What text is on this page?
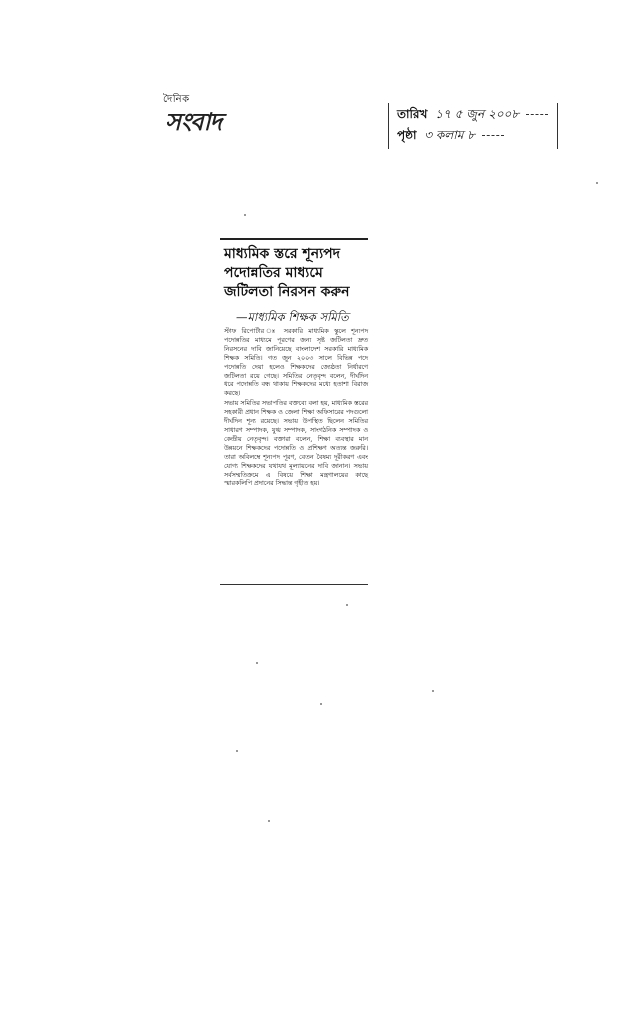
দৈনিক
সংবাদ	তারিখ ১৭ ৫ জুন ২০০৮
পৃষ্ঠা ৩ কলাম ৮
মাধ্যমিক স্তরে শূন্যপদ পদোন্নতির মাধ্যমে জটিলতা নিরসন করুন
—মাধ্যমিক শিক্ষক সমিতি

স্টাফ রিপোর্টার ঃ সরকারি মাধ্যমিক স্কুলে শূন্যপদ পদোন্নতির মাধ্যমে পূরণের জন্য সৃষ্ট জটিলতা দ্রুত নিরসনের দাবি জানিয়েছে বাংলাদেশ সরকারি মাধ্যমিক শিক্ষক সমিতি। গত জুন ২০০৩ সালে বিভিন্ন পদে পদোন্নতি দেয়া হলেও শিক্ষকদের জ্যেষ্ঠতা নির্ধারণে জটিলতা রয়ে গেছে। সমিতির নেতৃবৃন্দ বলেন, দীর্ঘদিন ধরে পদোন্নতি বন্ধ থাকায় শিক্ষকদের মধ্যে হতাশা বিরাজ করছে।

সভায় সমিতির সভাপতির বক্তব্যে বলা হয়, মাধ্যমিক স্তরের সহকারী প্রধান শিক্ষক ও জেলা শিক্ষা অফিসারের পদগুলো দীর্ঘদিন শূন্য রয়েছে। সভায় উপস্থিত ছিলেন সমিতির সাধারণ সম্পাদক, যুগ্ম সম্পাদক, সাংগঠনিক সম্পাদক ও কেন্দ্রীয় নেতৃবৃন্দ। বক্তারা বলেন, শিক্ষা ব্যবস্থার মান উন্নয়নে শিক্ষকদের পদোন্নতি ও প্রশিক্ষণ অত্যন্ত জরুরি। তারা অবিলম্বে শূন্যপদ পূরণ, বেতন বৈষম্য দূরীকরণ এবং যোগ্য শিক্ষকদের যথাযথ মূল্যায়নের দাবি জানান। সভায় সর্বসম্মতিক্রমে এ বিষয়ে শিক্ষা মন্ত্রণালয়ের কাছে স্মারকলিপি প্রদানের সিদ্ধান্ত গৃহীত হয়।
